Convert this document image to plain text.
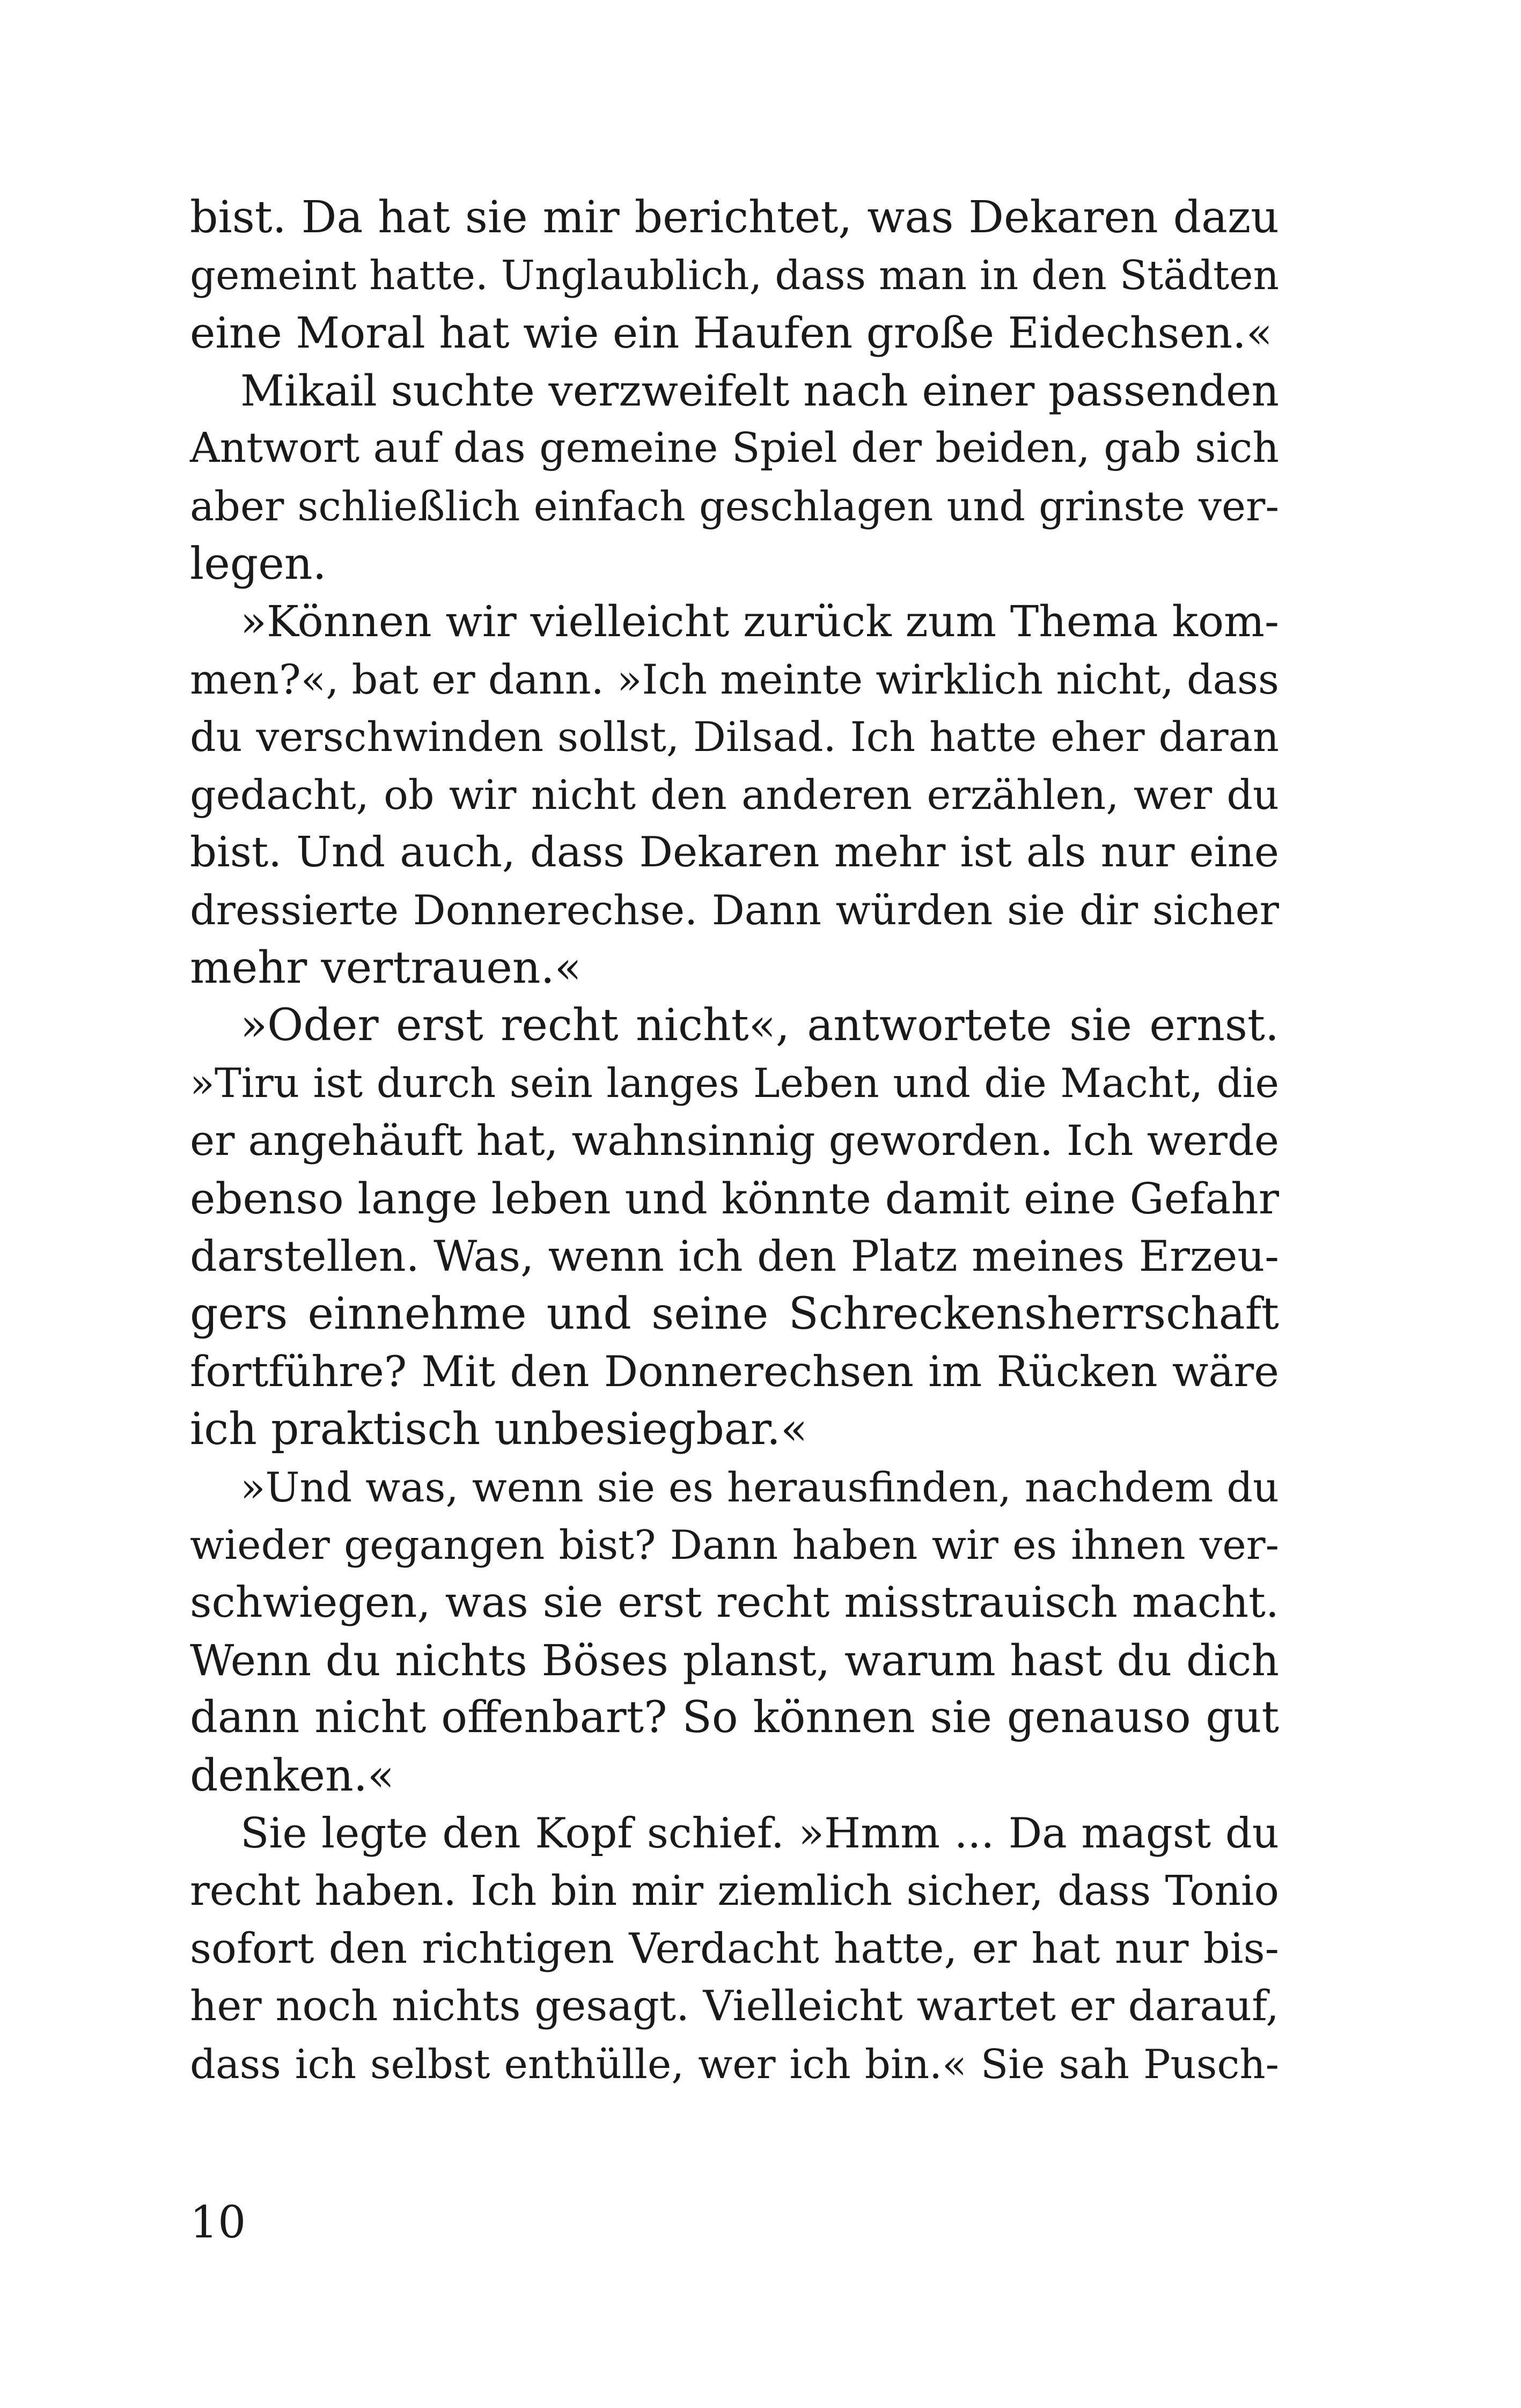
bist. Da hat sie mir berichtet, was Dekaren dazu
gemeint hatte. Unglaublich, dass man in den Städten
eine Moral hat wie ein Haufen große Eidechsen.«
Mikail suchte verzweifelt nach einer passenden
Antwort auf das gemeine Spiel der beiden, gab sich
aber schließlich einfach geschlagen und grinste ver-
legen.
»Können wir vielleicht zurück zum Thema kom-
men?«, bat er dann. »Ich meinte wirklich nicht, dass
du verschwinden sollst, Dilsad. Ich hatte eher daran
gedacht, ob wir nicht den anderen erzählen, wer du
bist. Und auch, dass Dekaren mehr ist als nur eine
dressierte Donnerechse. Dann würden sie dir sicher
mehr vertrauen.«
»Oder erst recht nicht«, antwortete sie ernst.
»Tiru ist durch sein langes Leben und die Macht, die
er angehäuft hat, wahnsinnig geworden. Ich werde
ebenso lange leben und könnte damit eine Gefahr
darstellen. Was, wenn ich den Platz meines Erzeu-
gers einnehme und seine Schreckensherrschaft
fortführe? Mit den Donnerechsen im Rücken wäre
ich praktisch unbesiegbar.«
»Und was, wenn sie es herausfinden, nachdem du
wieder gegangen bist? Dann haben wir es ihnen ver-
schwiegen, was sie erst recht misstrauisch macht.
Wenn du nichts Böses planst, warum hast du dich
dann nicht offenbart? So können sie genauso gut
denken.«
Sie legte den Kopf schief. »Hmm ... Da magst du
recht haben. Ich bin mir ziemlich sicher, dass Tonio
sofort den richtigen Verdacht hatte, er hat nur bis-
her noch nichts gesagt. Vielleicht wartet er darauf,
dass ich selbst enthülle, wer ich bin.« Sie sah Pusch-
10
